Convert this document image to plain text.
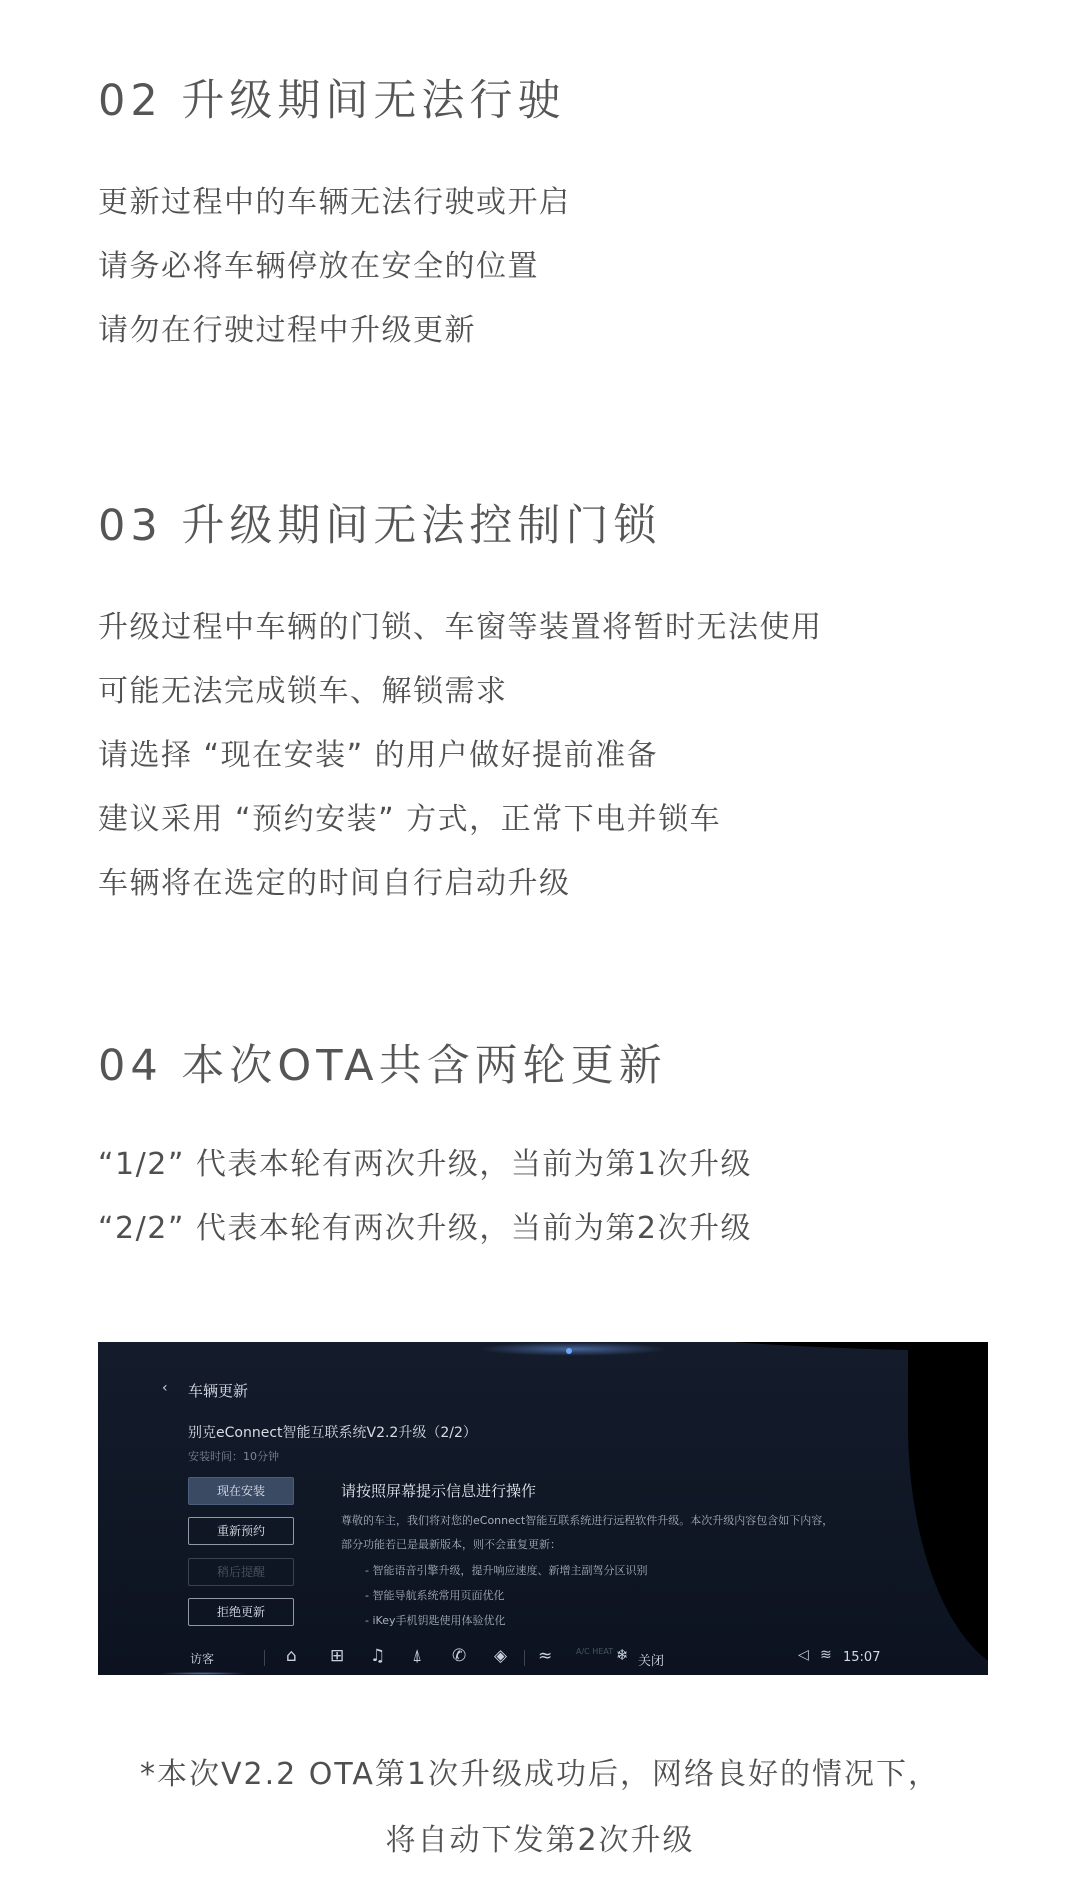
02 升级期间无法行驶
更新过程中的车辆无法行驶或开启
请务必将车辆停放在安全的位置
请勿在行驶过程中升级更新
03 升级期间无法控制门锁
升级过程中车辆的门锁、车窗等装置将暂时无法使用
可能无法完成锁车、解锁需求
请选择 “现在安装” 的用户做好提前准备
建议采用 “预约安装” 方式，正常下电并锁车
车辆将在选定的时间自行启动升级
04 本次OTA共含两轮更新
“1/2” 代表本轮有两次升级，当前为第1次升级
“2/2” 代表本轮有两次升级，当前为第2次升级
‹ 车辆更新
别克eConnect智能互联系统V2.2升级（2/2）
安装时间：10分钟
现在安装
重新预约
稍后提醒
拒绝更新
请按照屏幕提示信息进行操作
尊敬的车主，我们将对您的eConnect智能互联系统进行远程软件升级。本次升级内容包含如下内容，
部分功能若已是最新版本，则不会重复更新：
- 智能语音引擎升级，提升响应速度、新增主副驾分区识别
- 智能导航系统常用页面优化
- iKey手机钥匙使用体验优化
访客	⌂ ⊞ ♫ ⍋ ✆ ◈ ≈	A/C HEAT ❄ 关闭	◁ ≋ 15:07
*本次V2.2 OTA第1次升级成功后，网络良好的情况下，
将自动下发第2次升级
